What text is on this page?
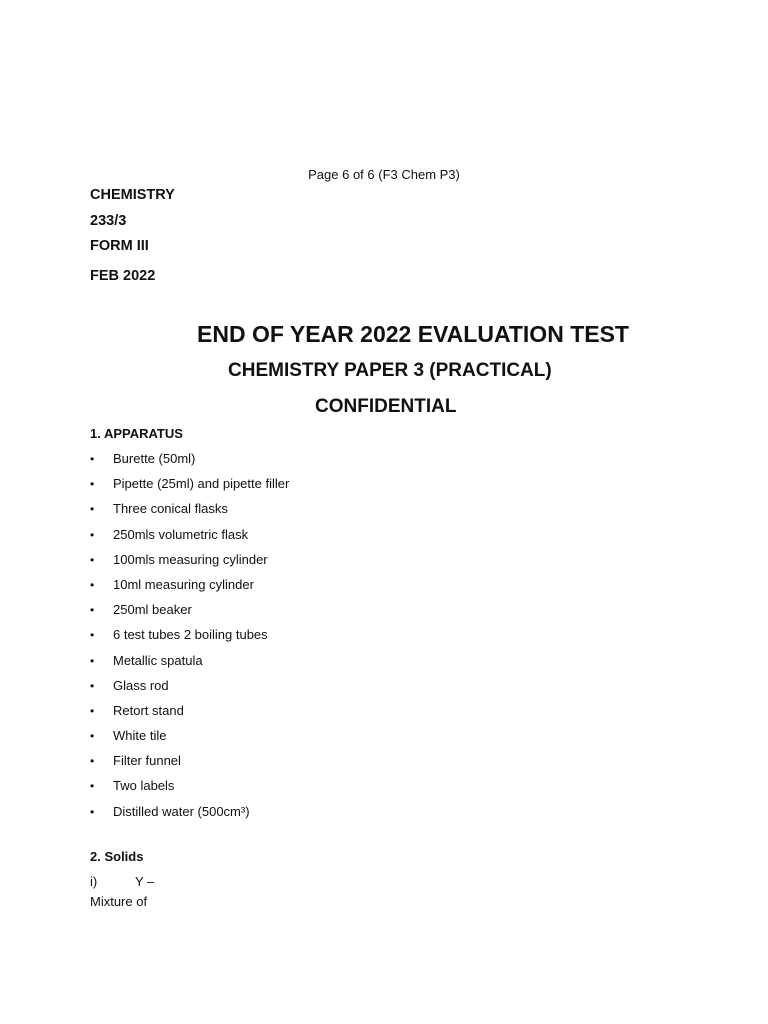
Page 6 of 6 (F3 Chem P3)

CHEMISTRY

233/3

FORM III

FEB 2022

END OF YEAR 2022 EVALUATION TEST
CHEMISTRY PAPER 3 (PRACTICAL)
CONFIDENTIAL

1. APPARATUS

•	Burette (50ml)
•	Pipette (25ml) and pipette filler
•	Three conical flasks
•	250mls volumetric flask
•	100mls measuring cylinder
•	10ml measuring cylinder
•	250ml beaker
•	6 test tubes 2 boiling tubes
•	Metallic spatula
•	Glass rod
•	Retort stand
•	White tile
•	Filter funnel
•	Two labels
•	Distilled water (500cm³)

2. Solids

i)	Y –

Mixture of
